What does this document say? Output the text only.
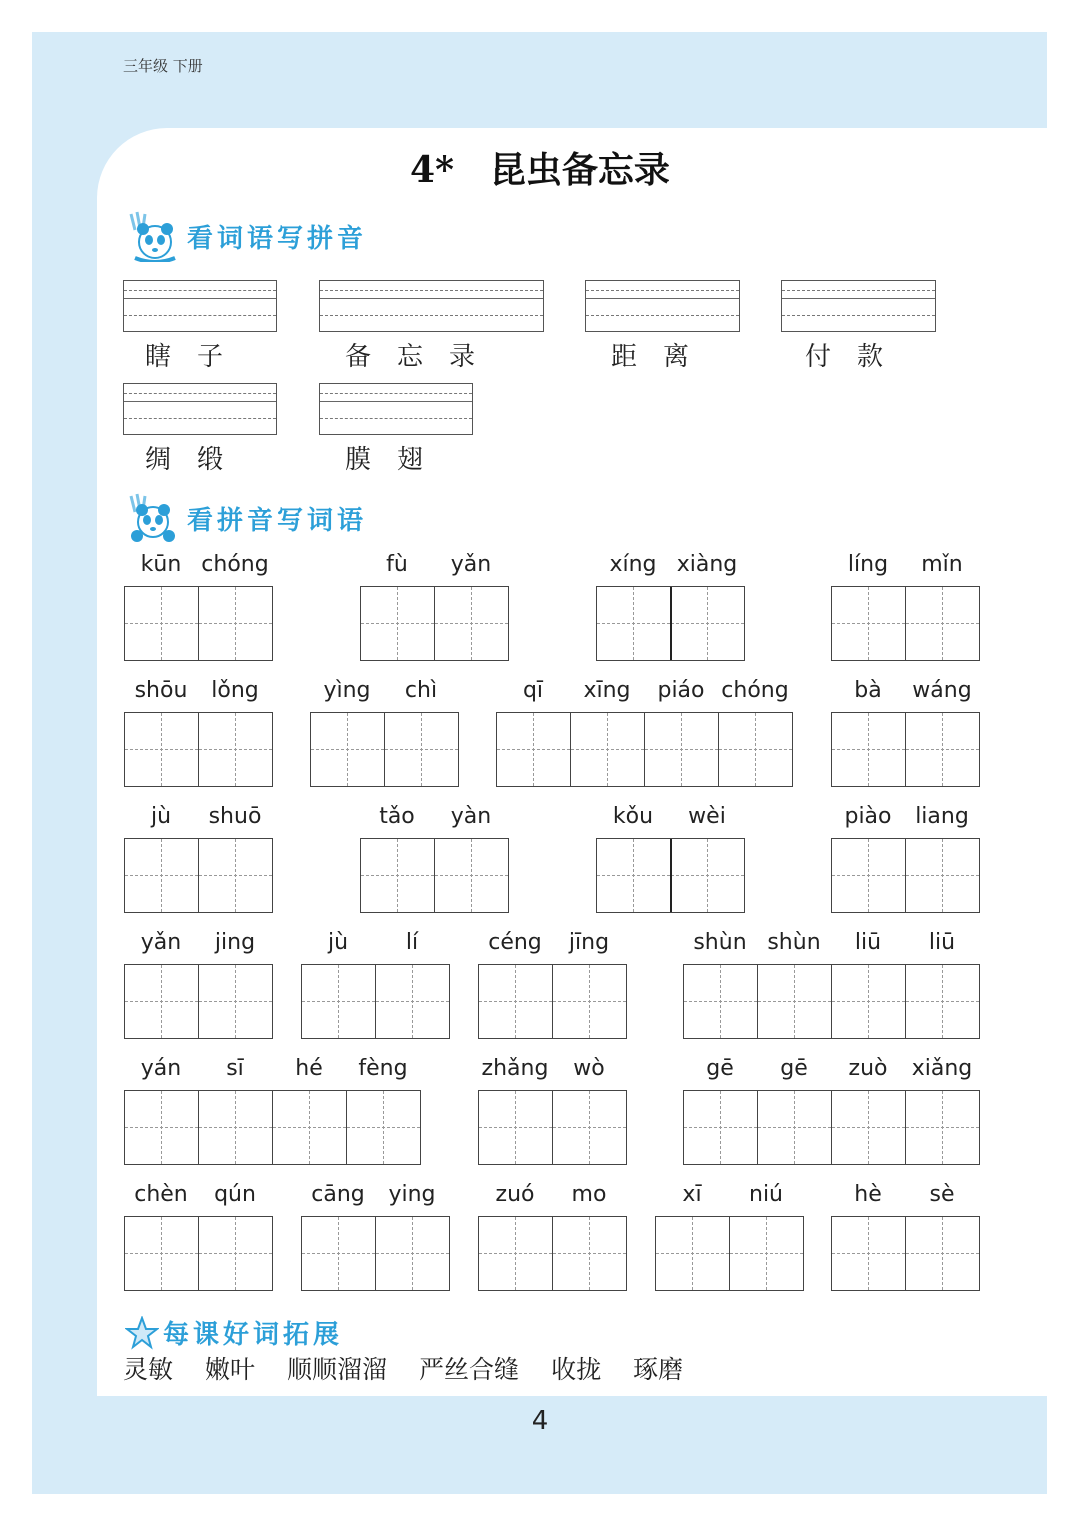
三年级 下册
4*　昆虫备忘录
看词语写拼音
瞎　子	备　忘　录	距　离	付　款
绸　缎	膜　翅
看拼音写词语
kūn chóng	fù	yǎn	xíng xiàng	líng	mǐn
shōu	lǒng	yìng	chì	qī	xīng	piáo chóng	bà	wáng
jù	shuō	tǎo	yàn	kǒu	wèi	piào	liang
yǎn	jing	jù	lí	céng	jīng	shùn shùn	liū	liū
yán	sī	hé	fèng	zhǎng	wò	gē	gē	zuò	xiǎng
chèn	qún	cāng	ying	zuó	mo	xī	niú	hè	sè
每课好词拓展
灵敏 嫩叶 顺顺溜溜 严丝合缝 收拢 琢磨
4
